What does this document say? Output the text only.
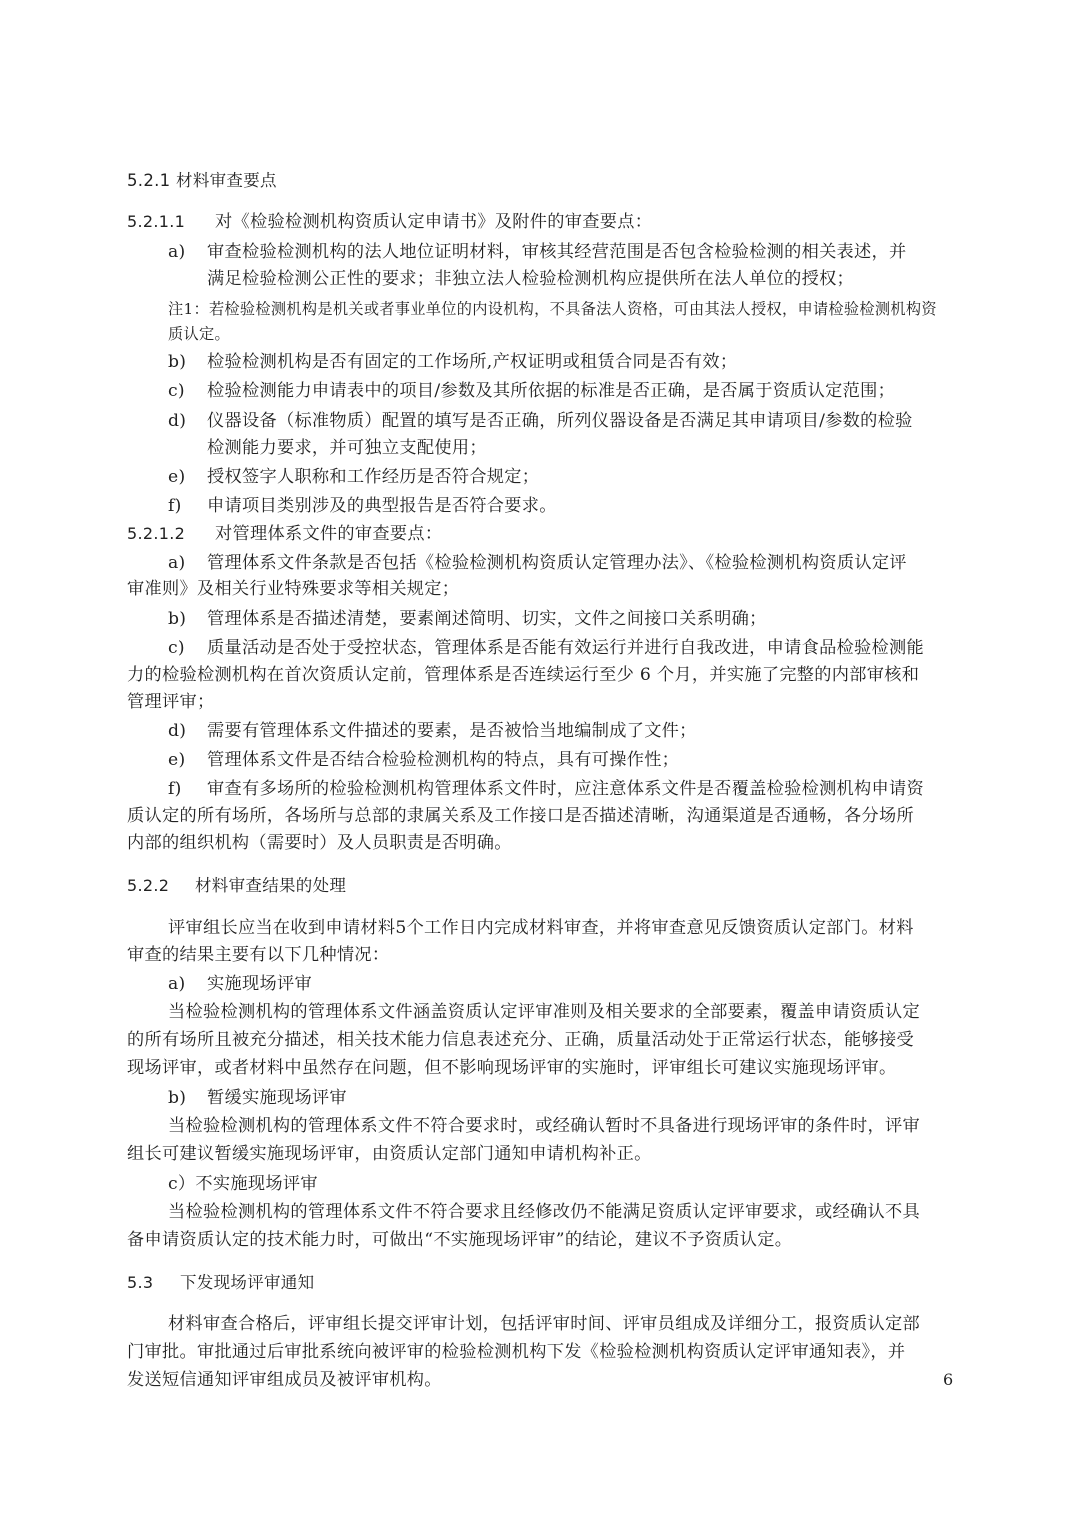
5.2.1 材料审查要点
5.2.1.1 对《检验检测机构资质认定申请书》及附件的审查要点：
a) 审查检验检测机构的法人地位证明材料，审核其经营范围是否包含检验检测的相关表述，并
满足检验检测公正性的要求；非独立法人检验检测机构应提供所在法人单位的授权；
注1：若检验检测机构是机关或者事业单位的内设机构，不具备法人资格，可由其法人授权，申请检验检测机构资
质认定。
b) 检验检测机构是否有固定的工作场所,产权证明或租赁合同是否有效；
c) 检验检测能力申请表中的项目/参数及其所依据的标准是否正确，是否属于资质认定范围；
d) 仪器设备（标准物质）配置的填写是否正确，所列仪器设备是否满足其申请项目/参数的检验
检测能力要求，并可独立支配使用；
e) 授权签字人职称和工作经历是否符合规定；
f) 申请项目类别涉及的典型报告是否符合要求。
5.2.1.2 对管理体系文件的审查要点：
a) 管理体系文件条款是否包括《检验检测机构资质认定管理办法》、《检验检测机构资质认定评
审准则》及相关行业特殊要求等相关规定；
b) 管理体系是否描述清楚，要素阐述简明、切实，文件之间接口关系明确；
c) 质量活动是否处于受控状态，管理体系是否能有效运行并进行自我改进，申请食品检验检测能
力的检验检测机构在首次资质认定前，管理体系是否连续运行至少 6 个月，并实施了完整的内部审核和
管理评审；
d) 需要有管理体系文件描述的要素，是否被恰当地编制成了文件；
e) 管理体系文件是否结合检验检测机构的特点，具有可操作性；
f) 审查有多场所的检验检测机构管理体系文件时，应注意体系文件是否覆盖检验检测机构申请资
质认定的所有场所，各场所与总部的隶属关系及工作接口是否描述清晰，沟通渠道是否通畅，各分场所
内部的组织机构（需要时）及人员职责是否明确。
5.2.2 材料审查结果的处理
评审组长应当在收到申请材料5个工作日内完成材料审查，并将审查意见反馈资质认定部门。材料
审查的结果主要有以下几种情况：
a) 实施现场评审
当检验检测机构的管理体系文件涵盖资质认定评审准则及相关要求的全部要素，覆盖申请资质认定
的所有场所且被充分描述，相关技术能力信息表述充分、正确，质量活动处于正常运行状态，能够接受
现场评审，或者材料中虽然存在问题，但不影响现场评审的实施时，评审组长可建议实施现场评审。
b) 暂缓实施现场评审
当检验检测机构的管理体系文件不符合要求时，或经确认暂时不具备进行现场评审的条件时，评审
组长可建议暂缓实施现场评审，由资质认定部门通知申请机构补正。
c）不实施现场评审
当检验检测机构的管理体系文件不符合要求且经修改仍不能满足资质认定评审要求，或经确认不具
备申请资质认定的技术能力时，可做出“不实施现场评审”的结论，建议不予资质认定。
5.3 下发现场评审通知
材料审查合格后，评审组长提交评审计划，包括评审时间、评审员组成及详细分工，报资质认定部
门审批。审批通过后审批系统向被评审的检验检测机构下发《检验检测机构资质认定评审通知表》，并
发送短信通知评审组成员及被评审机构。	6
